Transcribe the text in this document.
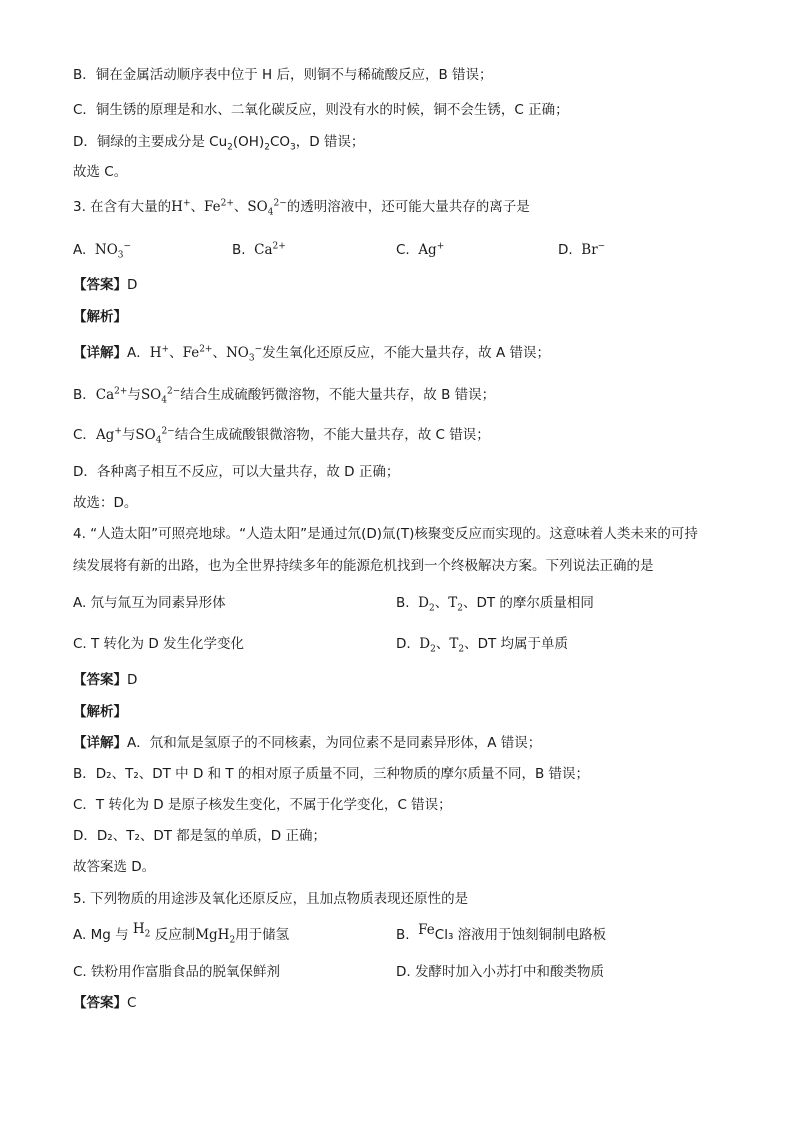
B．铜在金属活动顺序表中位于 H 后，则铜不与稀硫酸反应，B 错误；
C．铜生锈的原理是和水、二氧化碳反应，则没有水的时候，铜不会生锈，C 正确；
D．铜绿的主要成分是 $Cu_2(OH)_2CO_3$，D 错误；
故选 C。
3. 在含有大量的H+、$Fe^{2+}$、$SO_4^{2-}$的透明溶液中，还可能大量共存的离子是
A. $NO_3^-$	B. $Ca^{2+}$	C. Ag+	D. Br−
【答案】D
【解析】
【详解】A．H+、$Fe^{2+}$、$NO_3^-$发生氧化还原反应，不能大量共存，故 A 错误；
B．$Ca^{2+}$与$SO_4^{2-}$结合生成硫酸钙微溶物，不能大量共存，故 B 错误；
C．Ag+与$SO_4^{2-}$结合生成硫酸银微溶物，不能大量共存，故 C 错误；
D．各种离子相互不反应，可以大量共存，故 D 正确；
故选：D。
4. “人造太阳”可照亮地球。“人造太阳”是通过氘(D)氚(T)核聚变反应而实现的。这意味着人类未来的可持
续发展将有新的出路，也为全世界持续多年的能源危机找到一个终极解决方案。下列说法正确的是
A. 氘与氚互为同素异形体	B. $D_2$、$T_2$、DT 的摩尔质量相同
C. T 转化为 D 发生化学变化	D. $D_2$、$T_2$、DT 均属于单质
【答案】D
【解析】
【详解】A．氘和氚是氢原子的不同核素，为同位素不是同素异形体，A 错误；
B．D₂、T₂、DT 中 D 和 T 的相对原子质量不同，三种物质的摩尔质量不同，B 错误；
C．T 转化为 D 是原子核发生变化，不属于化学变化，C 错误；
D．D₂、T₂、DT 都是氢的单质，D 正确；
故答案选 D。
5. 下列物质的用途涉及氧化还原反应，且加点物质表现还原性的是
A. Mg 与 $H_2$ 反应制MgH$_2$用于储氢	B. FeCl₃ 溶液用于蚀刻铜制电路板
C. 铁粉用作富脂食品的脱氧保鲜剂	D. 发酵时加入小苏打中和酸类物质
【答案】C
